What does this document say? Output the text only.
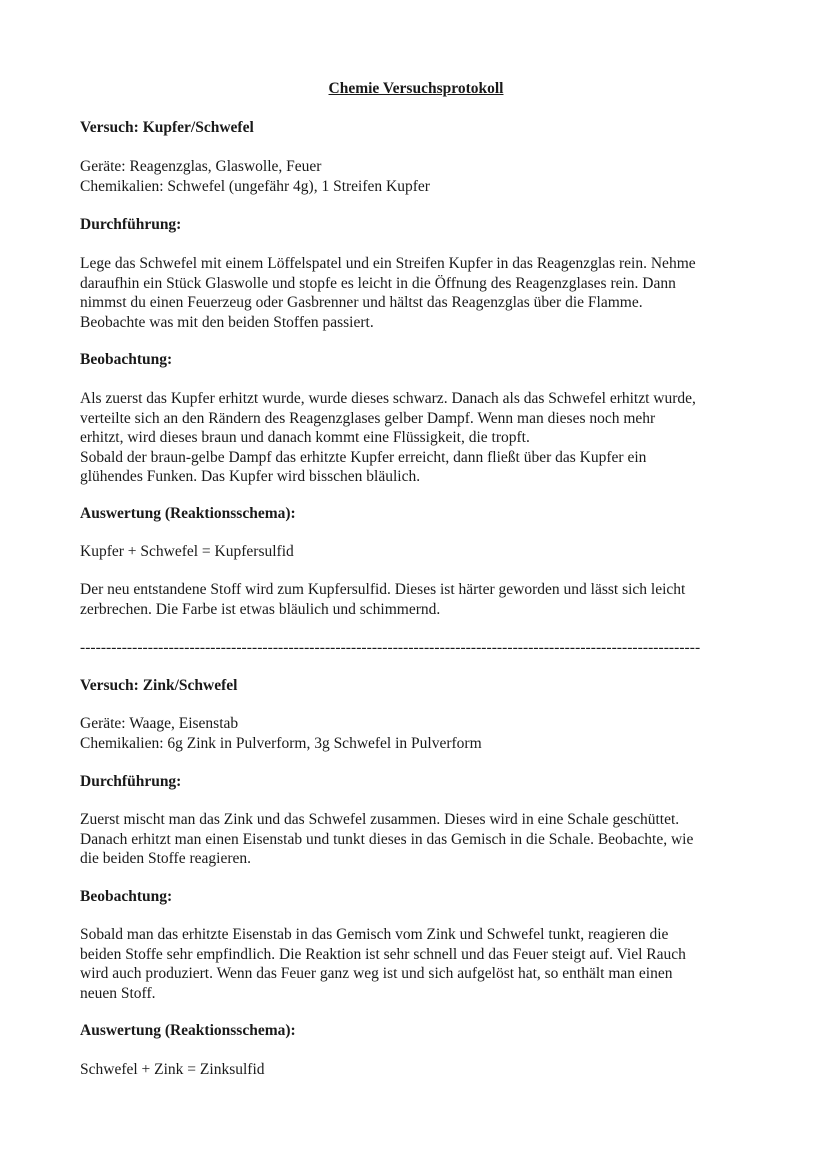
Chemie Versuchsprotokoll
Versuch: Kupfer/Schwefel
Geräte: Reagenzglas, Glaswolle, Feuer
Chemikalien: Schwefel (ungefähr 4g), 1 Streifen Kupfer
Durchführung:
Lege das Schwefel mit einem Löffelspatel und ein Streifen Kupfer in das Reagenzglas rein. Nehme
daraufhin ein Stück Glaswolle und stopfe es leicht in die Öffnung des Reagenzglases rein. Dann
nimmst du einen Feuerzeug oder Gasbrenner und hältst das Reagenzglas über die Flamme.
Beobachte was mit den beiden Stoffen passiert.
Beobachtung:
Als zuerst das Kupfer erhitzt wurde, wurde dieses schwarz. Danach als das Schwefel erhitzt wurde,
verteilte sich an den Rändern des Reagenzglases gelber Dampf. Wenn man dieses noch mehr
erhitzt, wird dieses braun und danach kommt eine Flüssigkeit, die tropft.
Sobald der braun-gelbe Dampf das erhitzte Kupfer erreicht, dann fließt über das Kupfer ein
glühendes Funken. Das Kupfer wird bisschen bläulich.
Auswertung (Reaktionsschema):
Kupfer + Schwefel = Kupfersulfid
Der neu entstandene Stoff wird zum Kupfersulfid. Dieses ist härter geworden und lässt sich leicht
zerbrechen. Die Farbe ist etwas bläulich und schimmernd.
-----------------------------------------------------------------------------------------------------------------------
Versuch: Zink/Schwefel
Geräte: Waage, Eisenstab
Chemikalien: 6g Zink in Pulverform, 3g Schwefel in Pulverform
Durchführung:
Zuerst mischt man das Zink und das Schwefel zusammen. Dieses wird in eine Schale geschüttet.
Danach erhitzt man einen Eisenstab und tunkt dieses in das Gemisch in die Schale. Beobachte, wie
die beiden Stoffe reagieren.
Beobachtung:
Sobald man das erhitzte Eisenstab in das Gemisch vom Zink und Schwefel tunkt, reagieren die
beiden Stoffe sehr empfindlich. Die Reaktion ist sehr schnell und das Feuer steigt auf. Viel Rauch
wird auch produziert. Wenn das Feuer ganz weg ist und sich aufgelöst hat, so enthält man einen
neuen Stoff.
Auswertung (Reaktionsschema):
Schwefel + Zink = Zinksulfid
